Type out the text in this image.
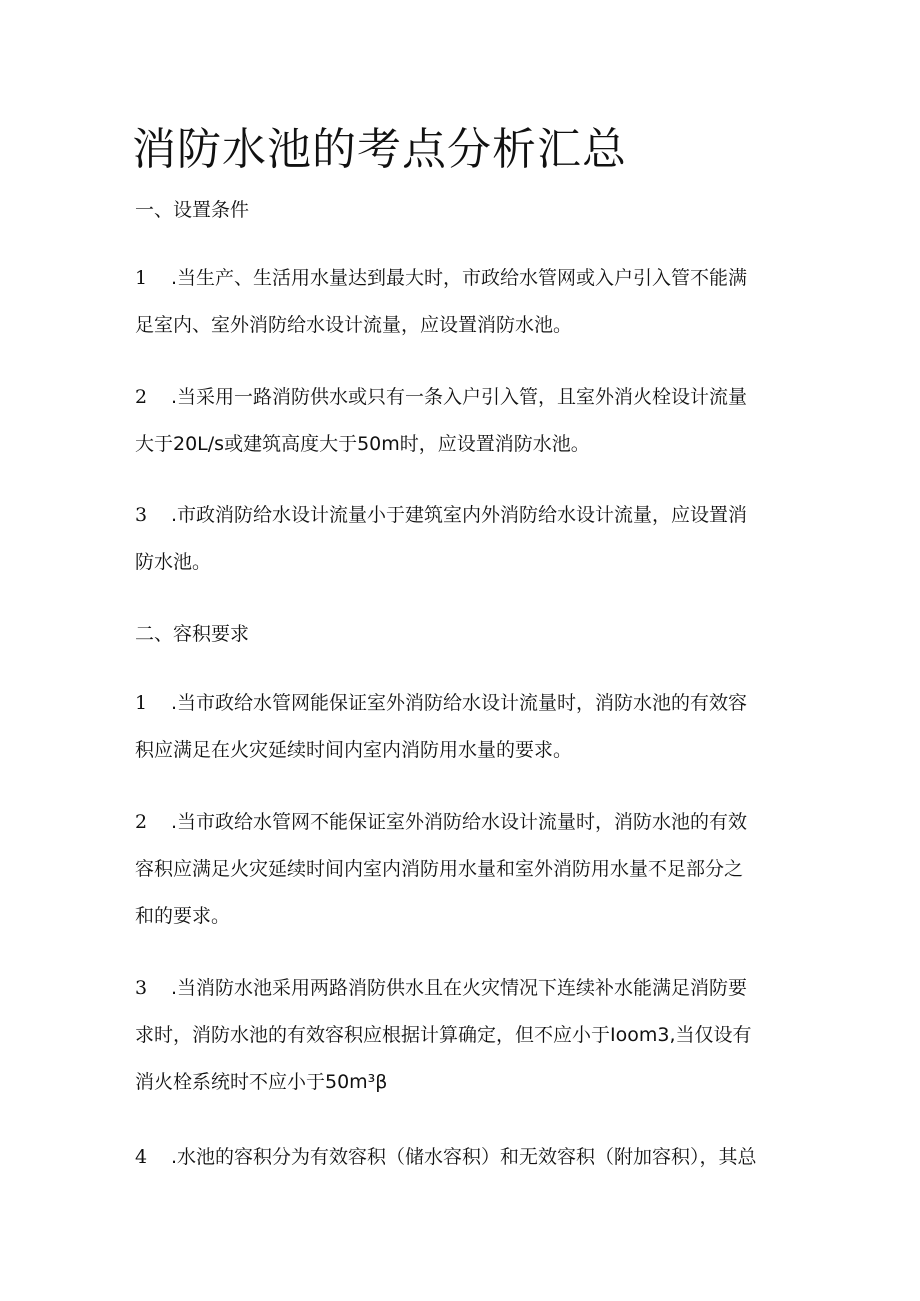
消防水池的考点分析汇总
一、设置条件
1 .当生产、生活用水量达到最大时，市政给水管网或入户引入管不能满
足室内、室外消防给水设计流量，应设置消防水池。
2 .当采用一路消防供水或只有一条入户引入管，且室外消火栓设计流量
大于20L/s或建筑高度大于50m时，应设置消防水池。
3 .市政消防给水设计流量小于建筑室内外消防给水设计流量，应设置消
防水池。
二、容积要求
1 .当市政给水管网能保证室外消防给水设计流量时，消防水池的有效容
积应满足在火灾延续时间内室内消防用水量的要求。
2 .当市政给水管网不能保证室外消防给水设计流量时，消防水池的有效
容积应满足火灾延续时间内室内消防用水量和室外消防用水量不足部分之
和的要求。
3 .当消防水池采用两路消防供水且在火灾情况下连续补水能满足消防要
求时，消防水池的有效容积应根据计算确定，但不应小于Ioom3,当仅设有
消火栓系统时不应小于50m³β
4 .水池的容积分为有效容积（储水容积）和无效容积（附加容积），其总
